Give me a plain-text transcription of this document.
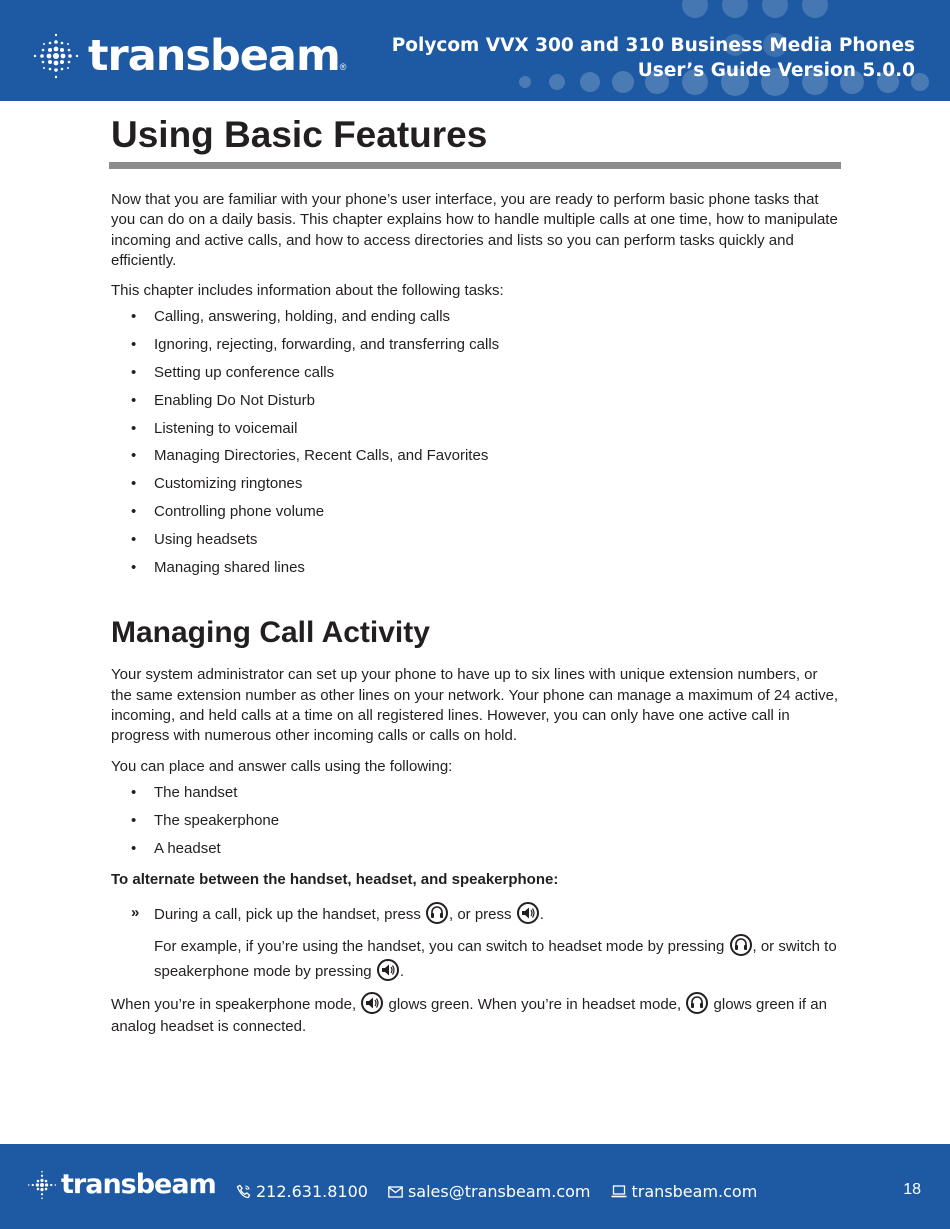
transbeam ®
Polycom VVX 300 and 310 Business Media Phones
User’s Guide Version 5.0.0
Using Basic Features

Now that you are familiar with your phone’s user interface, you are ready to perform basic phone tasks that you can do on a daily basis. This chapter explains how to handle multiple calls at one time, how to manipulate incoming and active calls, and how to access directories and lists so you can perform tasks quickly and efficiently.

This chapter includes information about the following tasks:

• Calling, answering, holding, and ending calls
• Ignoring, rejecting, forwarding, and transferring calls
• Setting up conference calls
• Enabling Do Not Disturb
• Listening to voicemail
• Managing Directories, Recent Calls, and Favorites
• Customizing ringtones
• Controlling phone volume
• Using headsets
• Managing shared lines
Managing Call Activity

Your system administrator can set up your phone to have up to six lines with unique extension numbers, or the same extension number as other lines on your network. Your phone can manage a maximum of 24 active, incoming, and held calls at a time on all registered lines. However, you can only have one active call in progress with numerous other incoming calls or calls on hold.

You can place and answer calls using the following:

• The handset
• The speakerphone
• A headset
To alternate between the handset, headset, and speakerphone:
» During a call, pick up the handset, press , or press .
For example, if you’re using the handset, you can switch to headset mode by pressing , or switch to speakerphone mode by pressing .
When you’re in speakerphone mode, glows green. When you’re in headset mode, glows green if an analog headset is connected.
transbeam	212.631.8100	sales@transbeam.com	transbeam.com	18
